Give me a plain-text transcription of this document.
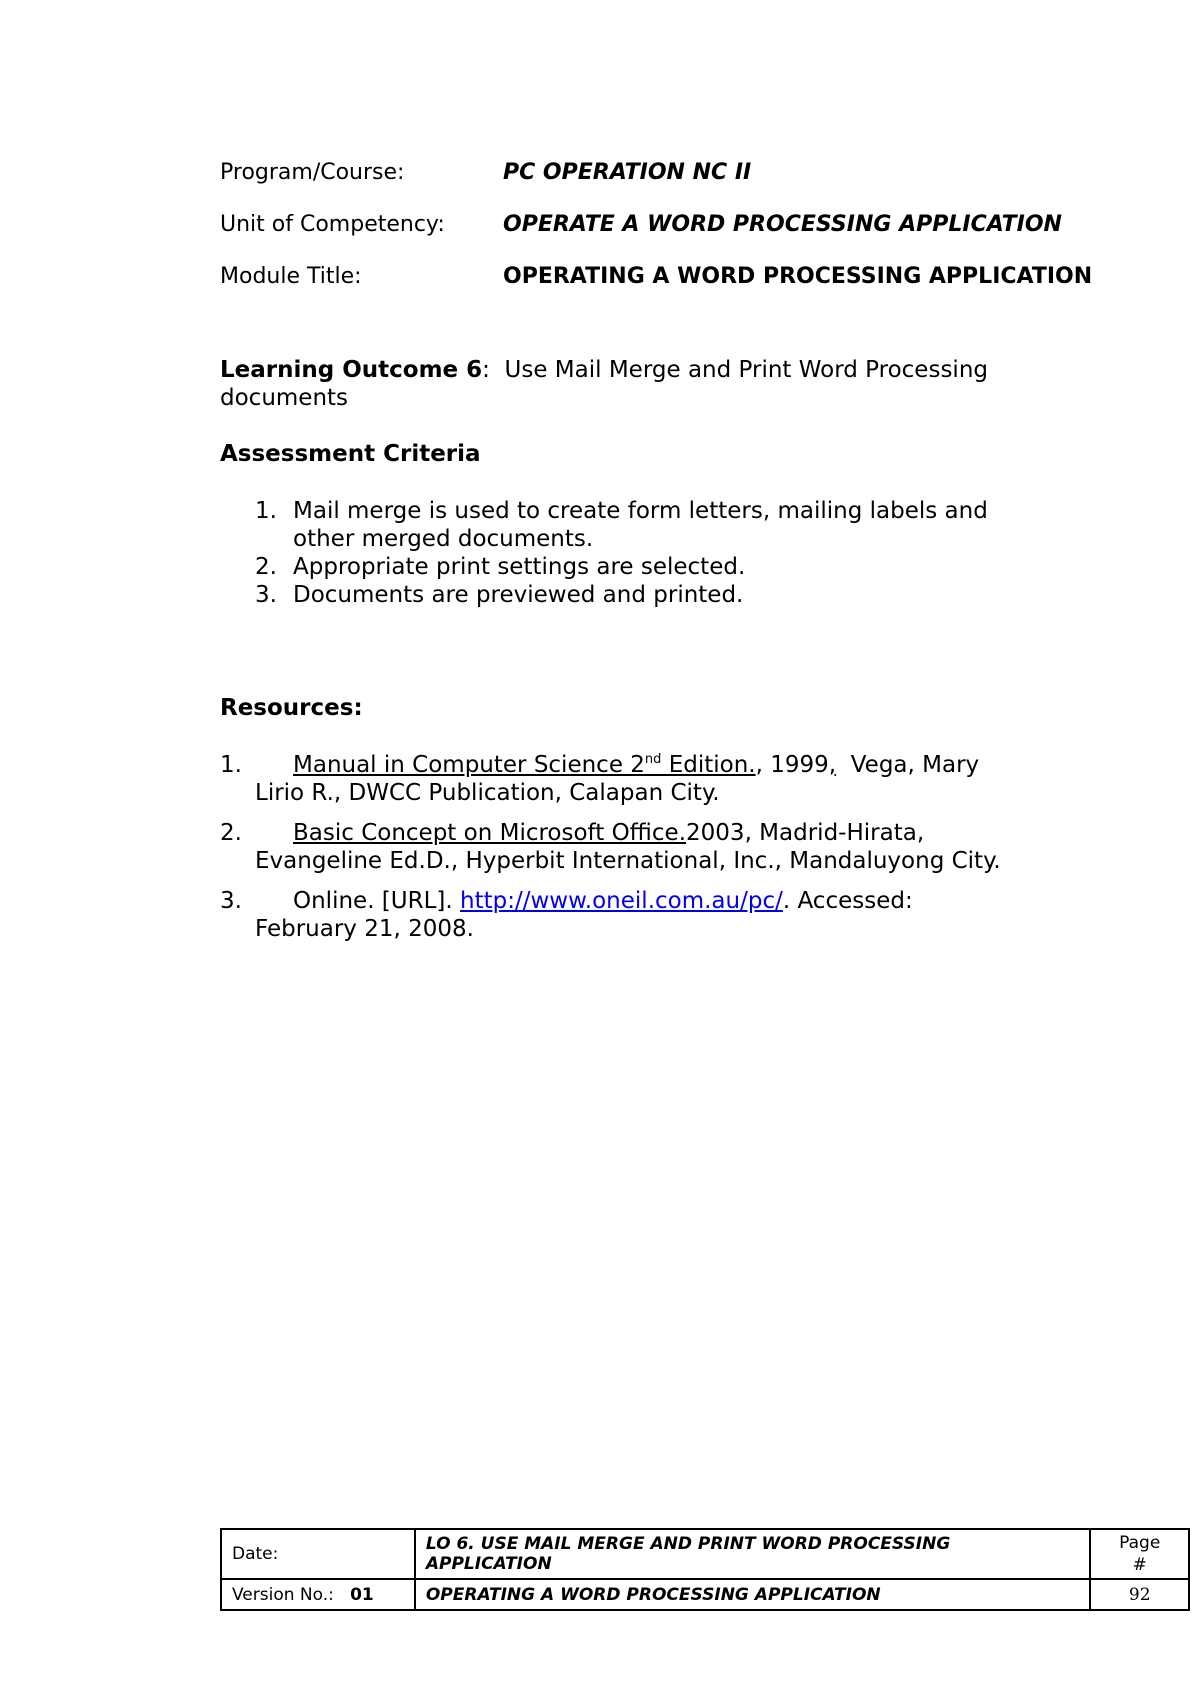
Program/Course:	PC OPERATION NC II
Unit of Competency:	OPERATE A WORD PROCESSING APPLICATION
Module Title:	OPERATING A WORD PROCESSING APPLICATION
Learning Outcome 6: Use Mail Merge and Print Word Processing
documents
Assessment Criteria
1. Mail merge is used to create form letters, mailing labels and
other merged documents.
2. Appropriate print settings are selected.
3. Documents are previewed and printed.
Resources:
1. Manual in Computer Science 2nd Edition., 1999,  Vega, Mary
Lirio R., DWCC Publication, Calapan City.
2. Basic Concept on Microsoft Office.2003, Madrid-Hirata,
Evangeline Ed.D., Hyperbit International, Inc., Mandaluyong City.
3. Online. [URL]. http://www.oneil.com.au/pc/. Accessed:
February 21, 2008.
Date:	LO 6. USE MAIL MERGE AND PRINT WORD PROCESSING APPLICATION	Page
#

Version No.: 01	OPERATING A WORD PROCESSING APPLICATION	92
